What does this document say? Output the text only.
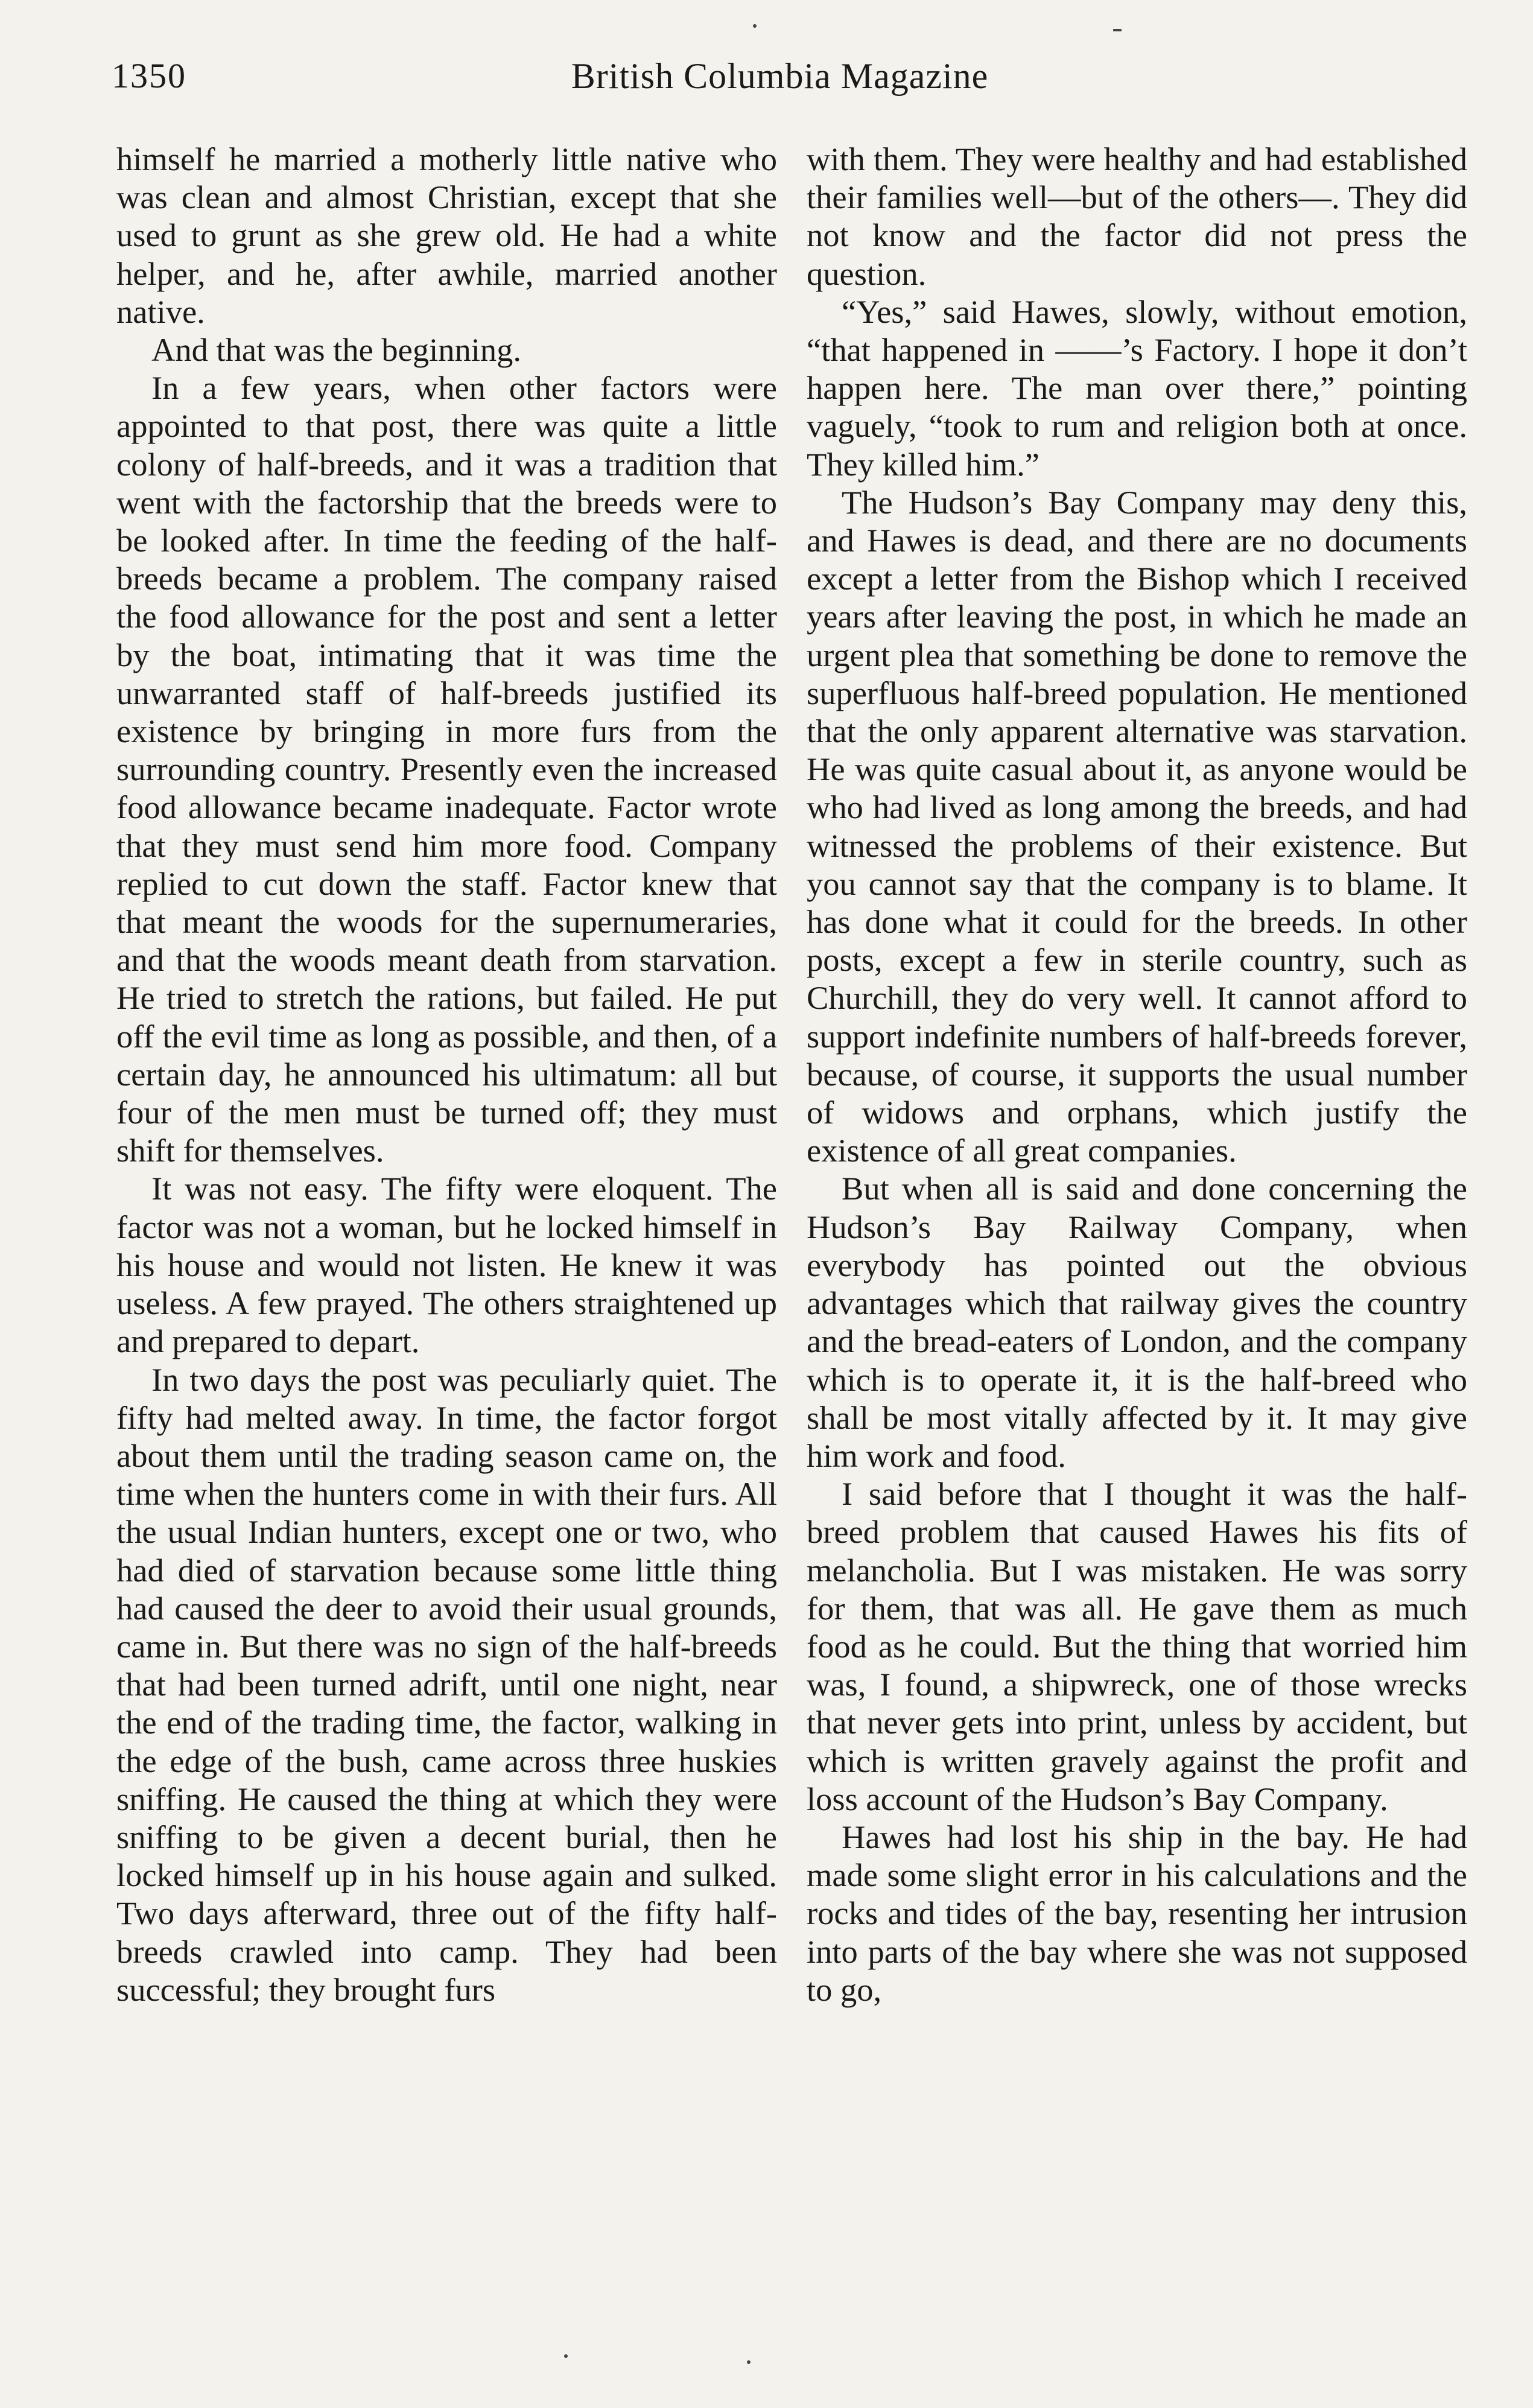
1350	British Columbia Magazine

himself he married a motherly little native who was clean and almost Christian, except that she used to grunt as she grew old. He had a white helper, and he, after awhile, married another native.

And that was the beginning.

In a few years, when other factors were appointed to that post, there was quite a little colony of half-breeds, and it was a tradition that went with the factorship that the breeds were to be looked after. In time the feeding of the half-breeds became a problem. The company raised the food allowance for the post and sent a letter by the boat, intimating that it was time the unwarranted staff of half-breeds justified its existence by bringing in more furs from the surrounding country. Presently even the increased food allowance became inadequate. Factor wrote that they must send him more food. Company replied to cut down the staff. Factor knew that that meant the woods for the supernumeraries, and that the woods meant death from starvation. He tried to stretch the rations, but failed. He put off the evil time as long as possible, and then, of a certain day, he announced his ultimatum: all but four of the men must be turned off; they must shift for themselves.

It was not easy. The fifty were eloquent. The factor was not a woman, but he locked himself in his house and would not listen. He knew it was useless. A few prayed. The others straightened up and prepared to depart.

In two days the post was peculiarly quiet. The fifty had melted away. In time, the factor forgot about them until the trading season came on, the time when the hunters come in with their furs. All the usual Indian hunters, except one or two, who had died of starvation because some little thing had caused the deer to avoid their usual grounds, came in. But there was no sign of the half-breeds that had been turned adrift, until one night, near the end of the trading time, the factor, walking in the edge of the bush, came across three huskies sniffing. He caused the thing at which they were sniffing to be given a decent burial, then he locked himself up in his house again and sulked. Two days afterward, three out of the fifty half-breeds crawled into camp. They had been successful; they brought furs

with them. They were healthy and had established their families well—but of the others—. They did not know and the factor did not press the question.

“Yes,” said Hawes, slowly, without emotion, “that happened in ——’s Factory. I hope it don’t happen here. The man over there,” pointing vaguely, “took to rum and religion both at once. They killed him.”

The Hudson’s Bay Company may deny this, and Hawes is dead, and there are no documents except a letter from the Bishop which I received years after leaving the post, in which he made an urgent plea that something be done to remove the superfluous half-breed population. He mentioned that the only apparent alternative was starvation. He was quite casual about it, as anyone would be who had lived as long among the breeds, and had witnessed the problems of their existence. But you cannot say that the company is to blame. It has done what it could for the breeds. In other posts, except a few in sterile country, such as Churchill, they do very well. It cannot afford to support indefinite numbers of half-breeds forever, because, of course, it supports the usual number of widows and orphans, which justify the existence of all great companies.

But when all is said and done concerning the Hudson’s Bay Railway Company, when everybody has pointed out the obvious advantages which that railway gives the country and the bread-eaters of London, and the company which is to operate it, it is the half-breed who shall be most vitally affected by it. It may give him work and food.

I said before that I thought it was the half-breed problem that caused Hawes his fits of melancholia. But I was mistaken. He was sorry for them, that was all. He gave them as much food as he could. But the thing that worried him was, I found, a shipwreck, one of those wrecks that never gets into print, unless by accident, but which is written gravely against the profit and loss account of the Hudson’s Bay Company.

Hawes had lost his ship in the bay. He had made some slight error in his calculations and the rocks and tides of the bay, resenting her intrusion into parts of the bay where she was not supposed to go,
